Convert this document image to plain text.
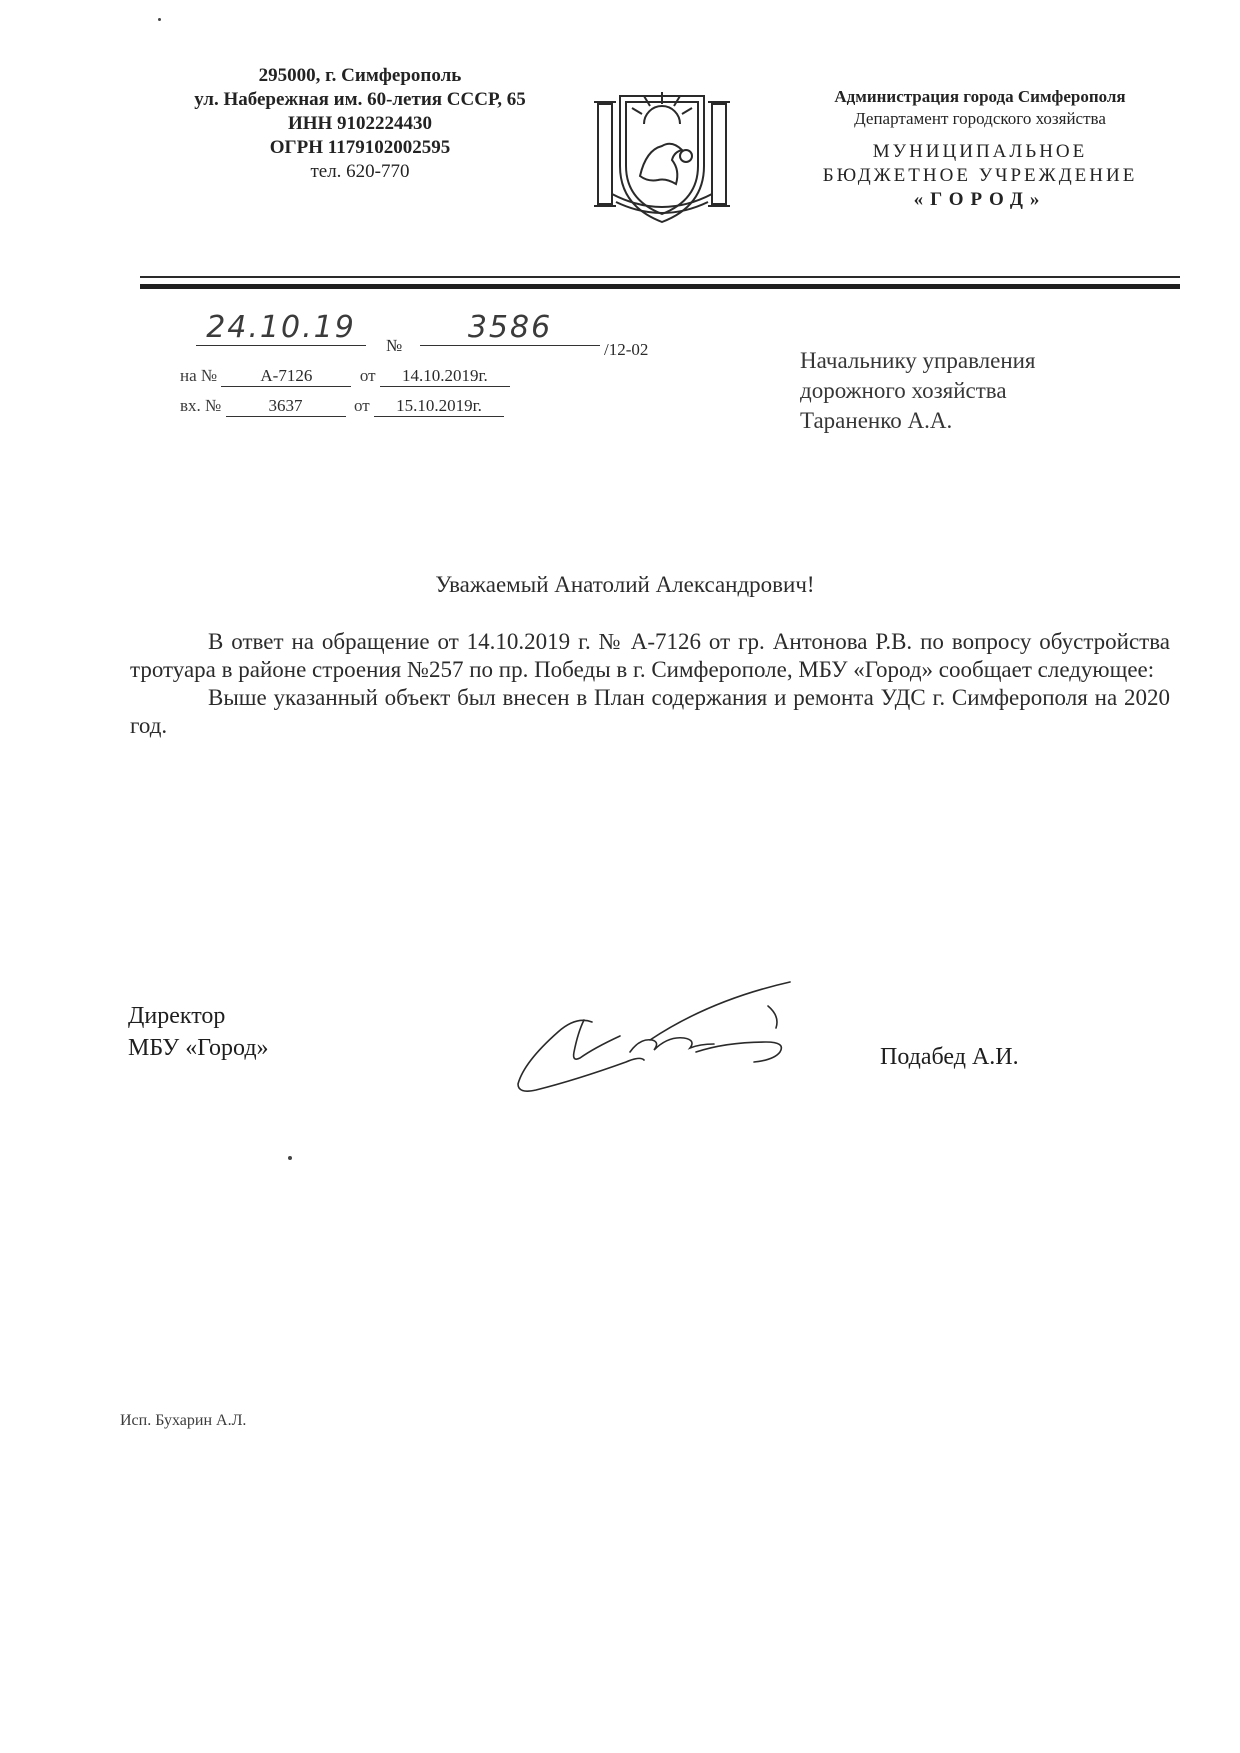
295000, г. Симферополь
ул. Набережная им. 60-летия СССР, 65
ИНН 9102224430
ОГРН 1179102002595
тел. 620-770
Администрация города Симферополя
Департамент городского хозяйства
МУНИЦИПАЛЬНОЕ
БЮДЖЕТНОЕ УЧРЕЖДЕНИЕ
«ГОРОД»
24.10.19
№
3586
/12-02
на №	А-7126	от 14.10.2019г.
вх. №	3637	от 15.10.2019г.
Начальнику управления
дорожного хозяйства
Тараненко А.А.
Уважаемый Анатолий Александрович!

В ответ на обращение от 14.10.2019 г. № А-7126 от гр. Антонова Р.В. по вопросу обустройства тротуара в районе строения №257 по пр. Победы в г. Симферополе, МБУ «Город» сообщает следующее:

Выше указанный объект был внесен в План содержания и ремонта УДС г. Симферополя на 2020 год.

Директор
МБУ «Город»	Подабед А.И.
Исп. Бухарин А.Л.
